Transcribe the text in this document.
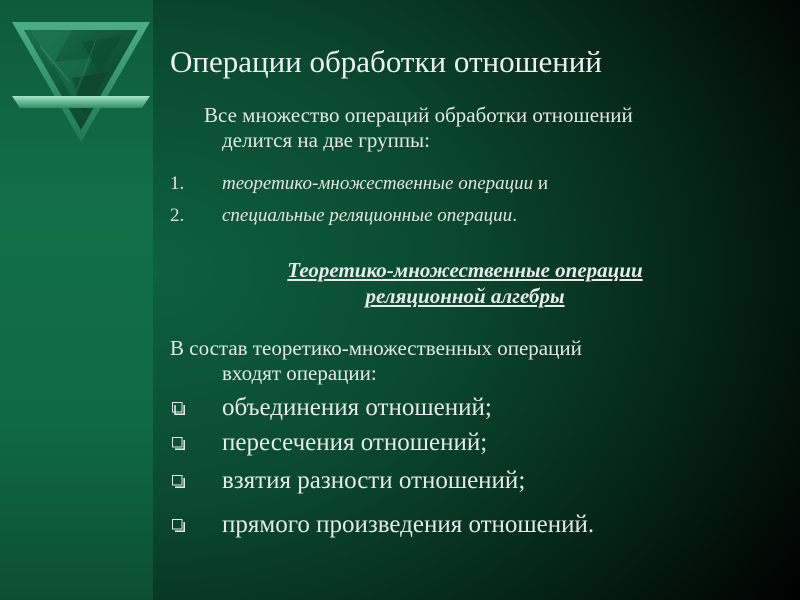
Операции обработки отношений
Все множество операций обработки отношений
делится на две группы:
1.	теоретико-множественные операции и
2.	специальные реляционные операции.
Теоретико-множественные операции
реляционной алгебры
В состав теоретико-множественных операций
входят операции:
объединения отношений;
пересечения отношений;
взятия разности отношений;
прямого произведения отношений.
